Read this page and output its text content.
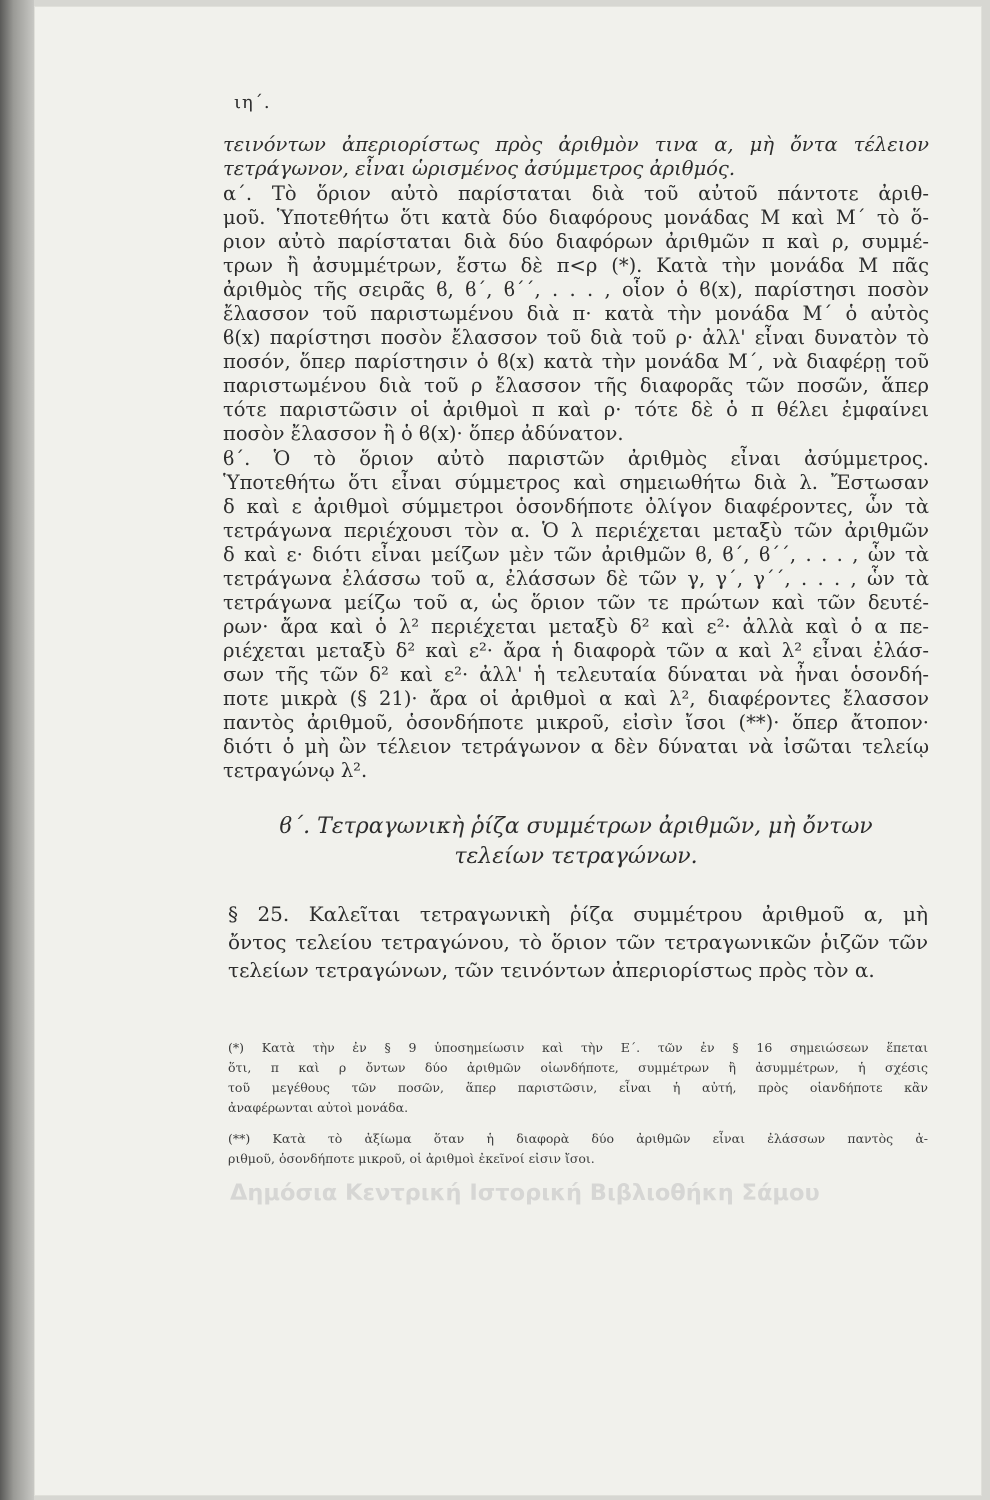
ιη΄.
τεινόντων ἀπεριορίστως πρὸς ἀριθμὸν τινα α, μὴ ὄντα τέλειον
τετράγωνον, εἶναι ὡρισμένος ἀσύμμετρος ἀριθμός.
α΄. Τὸ ὅριον αὐτὸ παρίσταται διὰ τοῦ αὐτοῦ πάντοτε ἀριθ-
μοῦ. Ὑποτεθήτω ὅτι κατὰ δύο διαφόρους μονάδας Μ καὶ Μ΄ τὸ ὅ-
ριον αὐτὸ παρίσταται διὰ δύο διαφόρων ἀριθμῶν π καὶ ρ, συμμέ-
τρων ἢ ἀσυμμέτρων, ἔστω δὲ π<ρ (*). Κατὰ τὴν μονάδα Μ πᾶς
ἀριθμὸς τῆς σειρᾶς ϐ, ϐ΄, ϐ΄΄, . . . , οἷον ὁ ϐ(x), παρίστησι ποσὸν
ἔλασσον τοῦ παριστωμένου διὰ π· κατὰ τὴν μονάδα Μ΄ ὁ αὐτὸς
ϐ(x) παρίστησι ποσὸν ἔλασσον τοῦ διὰ τοῦ ρ· ἀλλ' εἶναι δυνατὸν τὸ
ποσόν, ὅπερ παρίστησιν ὁ ϐ(x) κατὰ τὴν μονάδα Μ΄, νὰ διαφέρῃ τοῦ
παριστωμένου διὰ τοῦ ρ ἔλασσον τῆς διαφορᾶς τῶν ποσῶν, ἅπερ
τότε παριστῶσιν οἱ ἀριθμοὶ π καὶ ρ· τότε δὲ ὁ π θέλει ἐμφαίνει
ποσὸν ἔλασσον ἢ ὁ ϐ(x)· ὅπερ ἀδύνατον.
ϐ΄. Ὁ τὸ ὅριον αὐτὸ παριστῶν ἀριθμὸς εἶναι ἀσύμμετρος.
Ὑποτεθήτω ὅτι εἶναι σύμμετρος καὶ σημειωθήτω διὰ λ. Ἔστωσαν
δ καὶ ε ἀριθμοὶ σύμμετροι ὁσονδήποτε ὀλίγον διαφέροντες, ὧν τὰ
τετράγωνα περιέχουσι τὸν α. Ὁ λ περιέχεται μεταξὺ τῶν ἀριθμῶν
δ καὶ ε· διότι εἶναι μείζων μὲν τῶν ἀριθμῶν ϐ, ϐ΄, ϐ΄΄, . . . , ὧν τὰ
τετράγωνα ἐλάσσω τοῦ α, ἐλάσσων δὲ τῶν γ, γ΄, γ΄΄, . . . , ὧν τὰ
τετράγωνα μείζω τοῦ α, ὡς ὅριον τῶν τε πρώτων καὶ τῶν δευτέ-
ρων· ἄρα καὶ ὁ λ² περιέχεται μεταξὺ δ² καὶ ε²· ἀλλὰ καὶ ὁ α πε-
ριέχεται μεταξὺ δ² καὶ ε²· ἄρα ἡ διαφορὰ τῶν α καὶ λ² εἶναι ἐλάσ-
σων τῆς τῶν δ² καὶ ε²· ἀλλ' ἡ τελευταία δύναται νὰ ἦναι ὁσονδή-
ποτε μικρὰ (§ 21)· ἄρα οἱ ἀριθμοὶ α καὶ λ², διαφέροντες ἔλασσον
παντὸς ἀριθμοῦ, ὁσονδήποτε μικροῦ, εἰσὶν ἴσοι (**)· ὅπερ ἄτοπον·
διότι ὁ μὴ ὢν τέλειον τετράγωνον α δὲν δύναται νὰ ἰσῶται τελείῳ
τετραγώνῳ λ².
ϐ΄. Τετραγωνικὴ ῥίζα συμμέτρων ἀριθμῶν, μὴ ὄντων
τελείων τετραγώνων.
§ 25. Καλεῖται τετραγωνικὴ ῥίζα συμμέτρου ἀριθμοῦ α, μὴ
ὄντος τελείου τετραγώνου, τὸ ὅριον τῶν τετραγωνικῶν ῥιζῶν τῶν
τελείων τετραγώνων, τῶν τεινόντων ἀπεριορίστως πρὸς τὸν α.
(*) Κατὰ τὴν ἐν § 9 ὑποσημείωσιν καὶ τὴν Ε΄. τῶν ἐν § 16 σημειώσεων ἕπεται
ὅτι, π καὶ ρ ὄντων δύο ἀριθμῶν οἱωνδήποτε, συμμέτρων ἢ ἀσυμμέτρων, ἡ σχέσις
τοῦ μεγέθους τῶν ποσῶν, ἅπερ παριστῶσιν, εἶναι ἡ αὐτή, πρὸς οἱανδήποτε κἂν
ἀναφέρωνται αὐτοὶ μονάδα.
(**) Κατὰ τὸ ἀξίωμα ὅταν ἡ διαφορὰ δύο ἀριθμῶν εἶναι ἐλάσσων παντὸς ἀ-
ριθμοῦ, ὁσονδήποτε μικροῦ, οἱ ἀριθμοὶ ἐκεῖνοί εἰσιν ἴσοι.
Δημόσια Κεντρική Ιστορική Βιβλιοθήκη Σάμου
